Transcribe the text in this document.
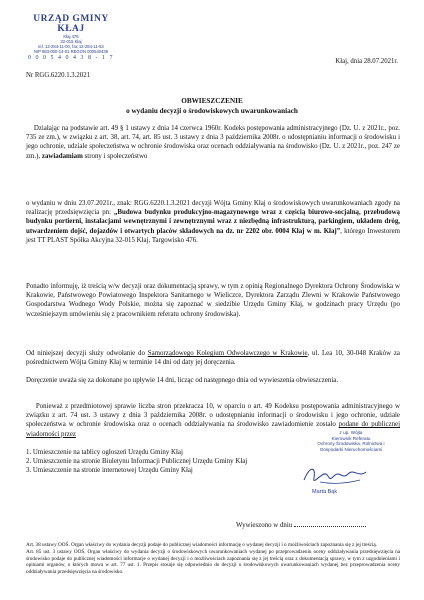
URZĄD GMINY
KŁAJ
Kłaj 476
32-015 Kłaj
tel. 12-284-11-00, fax 12-284-11-53
NIP 683-000-14-01 REGON 000540438
0 0 0 5 4 0 4 3 8 - 1 7	Kłaj, dnia 28.07.2021r.
Nr RGG.6220.1.3.2021
OBWIESZCZENIE
o wydaniu decyzji o środowiskowych uwarunkowaniach
Działając na podstawie art. 49 § 1 ustawy z dnia 14 czerwca 1960r. Kodeks postępowania administracyjnego (Dz. U. z 2021r., poz. 735 ze zm.), w związku z art. 38, art. 74, art. 85 ust. 3 ustawy z dnia 3 października 2008r. o udostępnianiu informacji o środowisku i jego ochronie, udziale społeczeństwa w ochronie środowiska oraz ocenach oddziaływania na środowisko (Dz. U. z 2021r., poz. 247 ze zm.), zawiadamiam strony i społeczeństwo
o wydaniu w dniu 23.07.2021r., znak: RGG.6220.1.3.2021 decyzji Wójta Gminy Kłaj o środowiskowych uwarunkowaniach zgody na realizację przedsięwzięcia pn: „Budowa budynku produkcyjno-magazynowego wraz z częścią biurowo-socjalną, przebudową budynku portierni, instalacjami wewnętrznymi i zewnętrznymi wraz z niezbędną infrastrukturą, parkingiem, układem dróg, utwardzeniem dojść, dojazdów i otwartych placów składowych na dz. nr 2202 obr. 0004 Kłaj w m. Kłaj”, którego Inwestorem jest TT PLAST Spółka Akcyjna 32-015 Kłaj, Targowisko 476.
Ponadto informuję, iż treścią w/w decyzji oraz dokumentacją sprawy, w tym z opinią Regionalnego Dyrektora Ochrony Środowiska w Krakowie, Państwowego Powiatowego Inspektora Sanitarnego w Wieliczce, Dyrektora Zarządu Zlewni w Krakowie Państwowego Gospodarstwa Wodnego Wody Polskie, można się zapoznać w siedzibie Urzędu Gminy Kłaj, w godzinach pracy Urzędu (po wcześniejszym umówieniu się z pracownikiem referatu ochrony środowiska).
Od niniejszej decyzji służy odwołanie do Samorządowego Kolegium Odwoławczego w Krakowie, ul. Lea 10, 30-048 Kraków za pośrednictwem Wójta Gminy Kłaj w terminie 14 dni od daty jej doręczenia.
Doręczenie uważa się za dokonane po upływie 14 dni, licząc od następnego dnia od wywieszenia obwieszczenia.
Ponieważ z przedmiotowej sprawie liczba stron przekracza 10, w oparciu o art. 49 Kodeksu postępowania administracyjnego w związku z art. 74 ust. 3 ustawy z dnia 3 października 2008r. o udostępnianiu informacji o środowisku i jego ochronie, udziale społeczeństwa w ochronie środowiska oraz o ocenach oddziaływania na środowisko zawiadomienie zostało podane do publicznej wiadomości przez
1. Umieszczenie na tablicy ogłoszeń Urzędu Gminy Kłaj
2. Umieszczenie na stronie Biuletynu Informacji Publicznej Urzędu Gminy Kłaj
3. Umieszczenie na stronie internetowej Urzędu Gminy Kłaj
z up. Wójta
Kierownik Referatu
Ochrony Środowiska, Rolnictwa i
Gospodarki Nieruchomościami
Marta Bąk
Wywieszono w dniu

Art. 38 ustawy OOŚ. Organ właściwy do wydania decyzji podaje do publicznej wiadomości informację o wydanej decyzji i o możliwościach zapoznania się z jej treścią.

Art. 85 ust. 3 ustawy OOŚ. Organ właściwy do wydania decyzji o środowiskowych uwarunkowaniach wydanej po przeprowadzeniu oceny oddziaływania przedsięwzięcia na środowisko podaje do publicznej wiadomości informacje o wydanej decyzji i o możliwościach zapoznania się z jej treścią oraz z dokumentacją sprawy, w tym z uzgodnieniami i opiniami organów, o których mowa w art. 77 ust. 1. Przepis stosuje się odpowiednio do decyzji o środowiskowych uwarunkowaniach wydanej bez przeprowadzenia oceny oddziaływania przedsięwzięcia na środowisko.
